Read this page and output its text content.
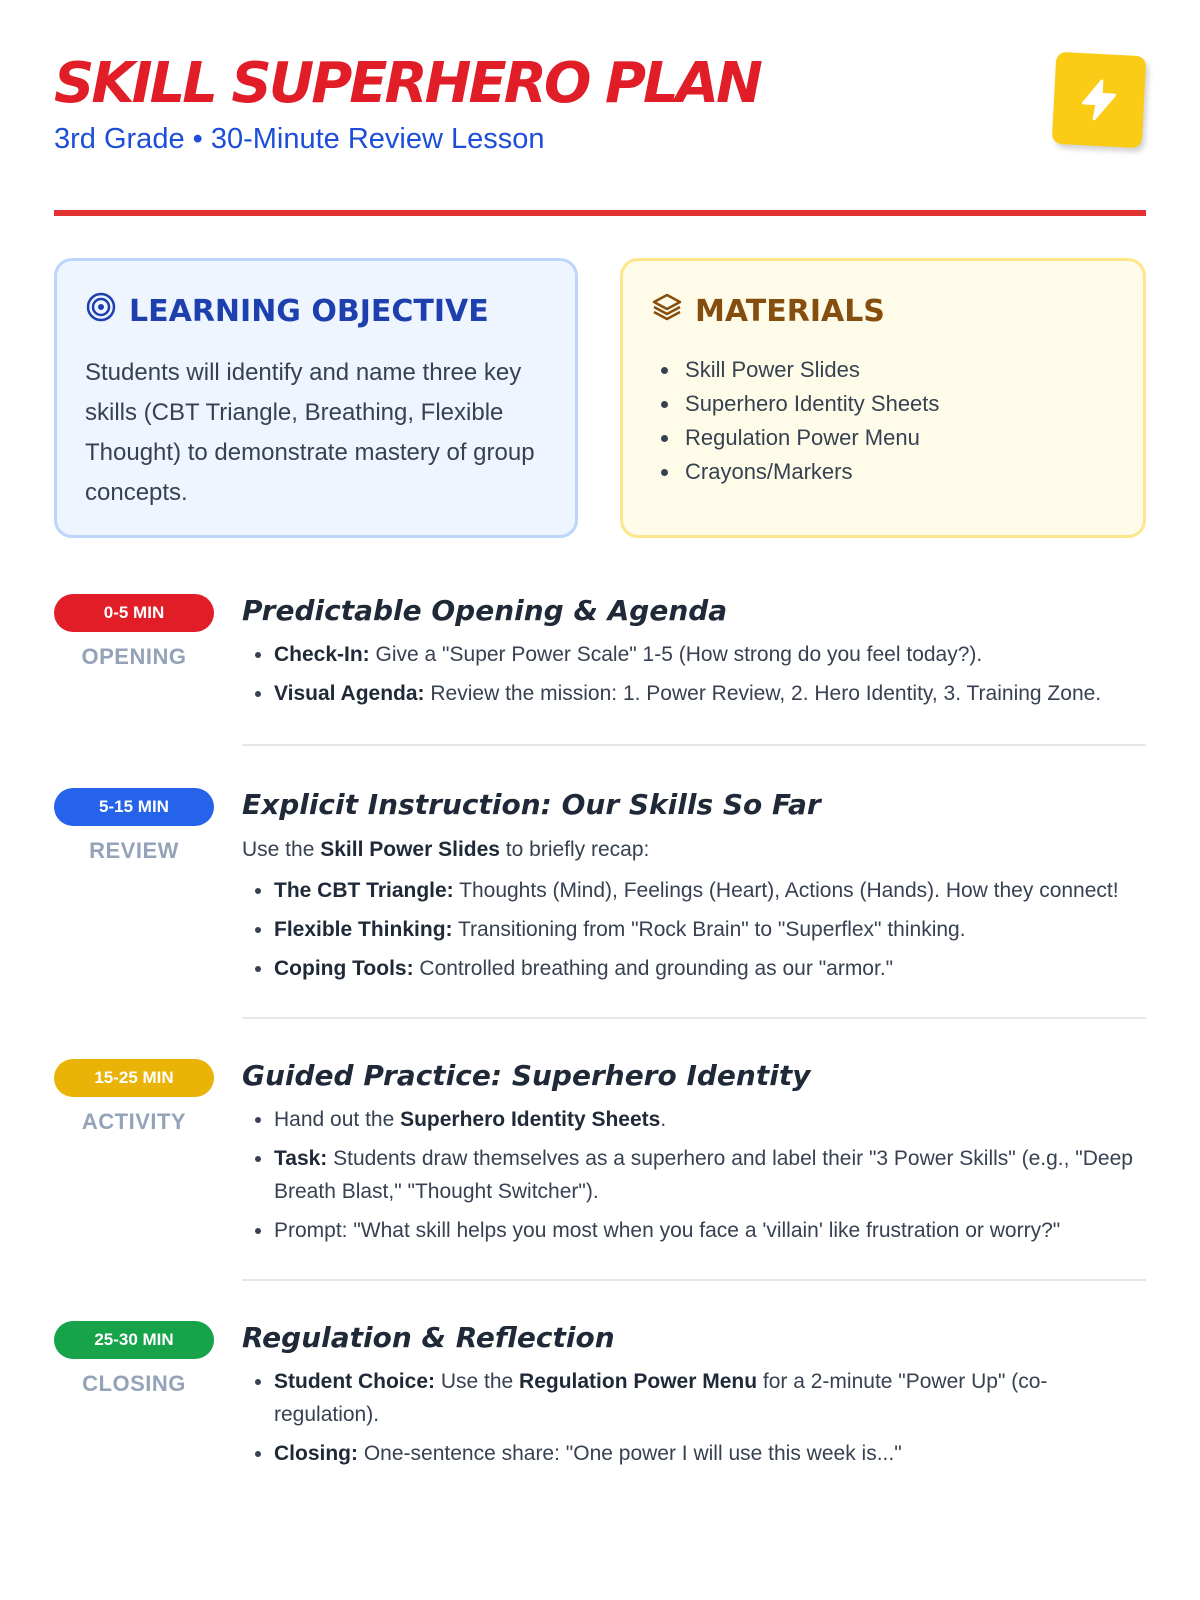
SKILL SUPERHERO PLAN
3rd Grade • 30-Minute Review Lesson
LEARNING OBJECTIVE
Students will identify and name three key skills (CBT Triangle, Breathing, Flexible Thought) to demonstrate mastery of group concepts.
MATERIALS
• Skill Power Slides
• Superhero Identity Sheets
• Regulation Power Menu
• Crayons/Markers
0-5 MIN
OPENING
Predictable Opening & Agenda
• Check-In: Give a "Super Power Scale" 1-5 (How strong do you feel today?).
• Visual Agenda: Review the mission: 1. Power Review, 2. Hero Identity, 3. Training Zone.
5-15 MIN
REVIEW
Explicit Instruction: Our Skills So Far
Use the Skill Power Slides to briefly recap:
• The CBT Triangle: Thoughts (Mind), Feelings (Heart), Actions (Hands). How they connect!
• Flexible Thinking: Transitioning from "Rock Brain" to "Superflex" thinking.
• Coping Tools: Controlled breathing and grounding as our "armor."
15-25 MIN
ACTIVITY
Guided Practice: Superhero Identity
• Hand out the Superhero Identity Sheets.
• Task: Students draw themselves as a superhero and label their "3 Power Skills" (e.g., "Deep Breath Blast," "Thought Switcher").
• Prompt: "What skill helps you most when you face a 'villain' like frustration or worry?"
25-30 MIN
CLOSING
Regulation & Reflection
• Student Choice: Use the Regulation Power Menu for a 2-minute "Power Up" (co-regulation).
• Closing: One-sentence share: "One power I will use this week is..."
